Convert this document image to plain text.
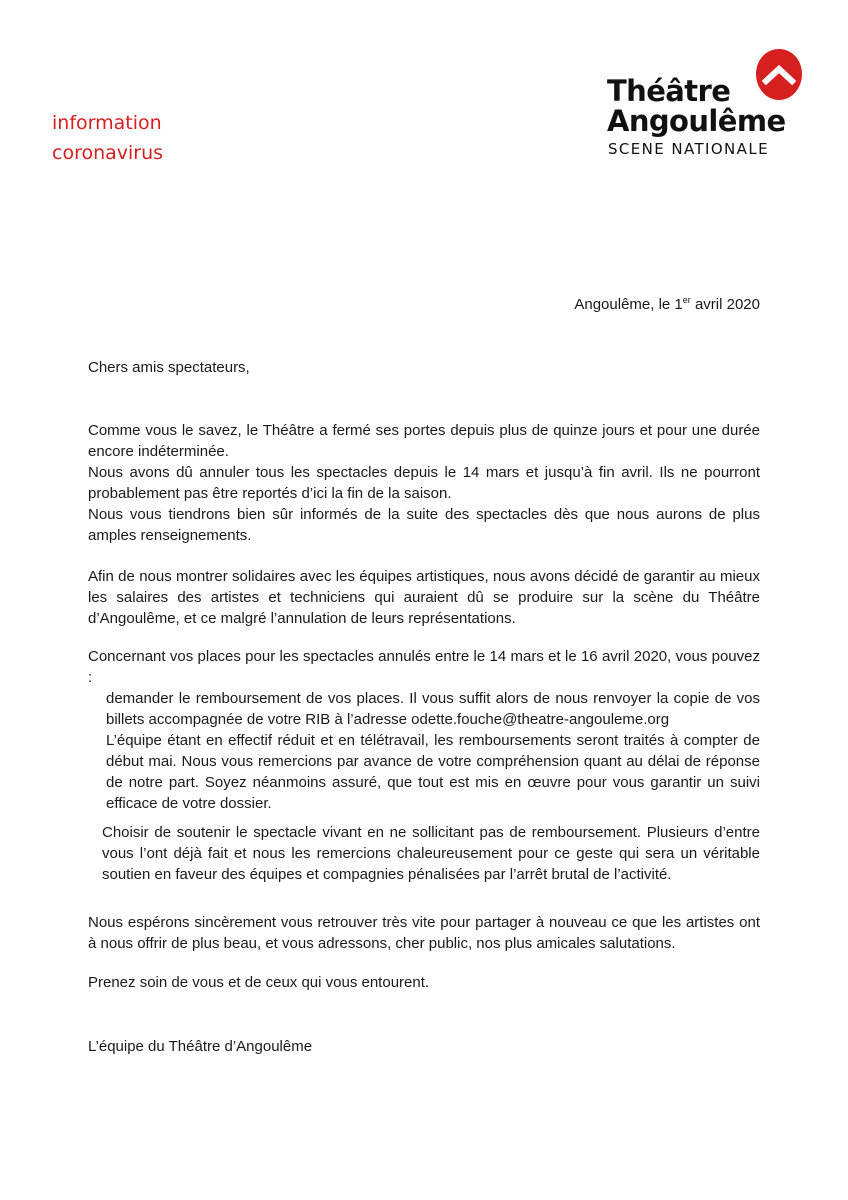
information
coronavirus
Théâtre
Angoulême
SCENE NATIONALE
Angoulême, le 1er avril 2020

Chers amis spectateurs,

Comme vous le savez, le Théâtre a fermé ses portes depuis plus de quinze jours et pour une durée encore indéterminée.

Nous avons dû annuler tous les spectacles depuis le 14 mars et jusqu’à fin avril. Ils ne pourront probablement pas être reportés d’ici la fin de la saison.

Nous vous tiendrons bien sûr informés de la suite des spectacles dès que nous aurons de plus amples renseignements.

Afin de nous montrer solidaires avec les équipes artistiques, nous avons décidé de garantir au mieux les salaires des artistes et techniciens qui auraient dû se produire sur la scène du Théâtre d’Angoulême, et ce malgré l’annulation de leurs représentations.

Concernant vos places pour les spectacles annulés entre le 14 mars et le 16 avril 2020, vous pouvez :

demander le remboursement de vos places. Il vous suffit alors de nous renvoyer la copie de vos billets accompagnée de votre RIB à l’adresse odette.fouche@theatre-angouleme.org

L’équipe étant en effectif réduit et en télétravail, les remboursements seront traités à compter de début mai. Nous vous remercions par avance de votre compréhension quant au délai de réponse de notre part. Soyez néanmoins assuré, que tout est mis en œuvre pour vous garantir un suivi efficace de votre dossier.

Choisir de soutenir le spectacle vivant en ne sollicitant pas de remboursement. Plusieurs d’entre vous l’ont déjà fait et nous les remercions chaleureusement pour ce geste qui sera un véritable soutien en faveur des équipes et compagnies pénalisées par l’arrêt brutal de l’activité.

Nous espérons sincèrement vous retrouver très vite pour partager à nouveau ce que les artistes ont à nous offrir de plus beau, et vous adressons, cher public, nos plus amicales salutations.

Prenez soin de vous et de ceux qui vous entourent.

L’équipe du Théâtre d’Angoulême
